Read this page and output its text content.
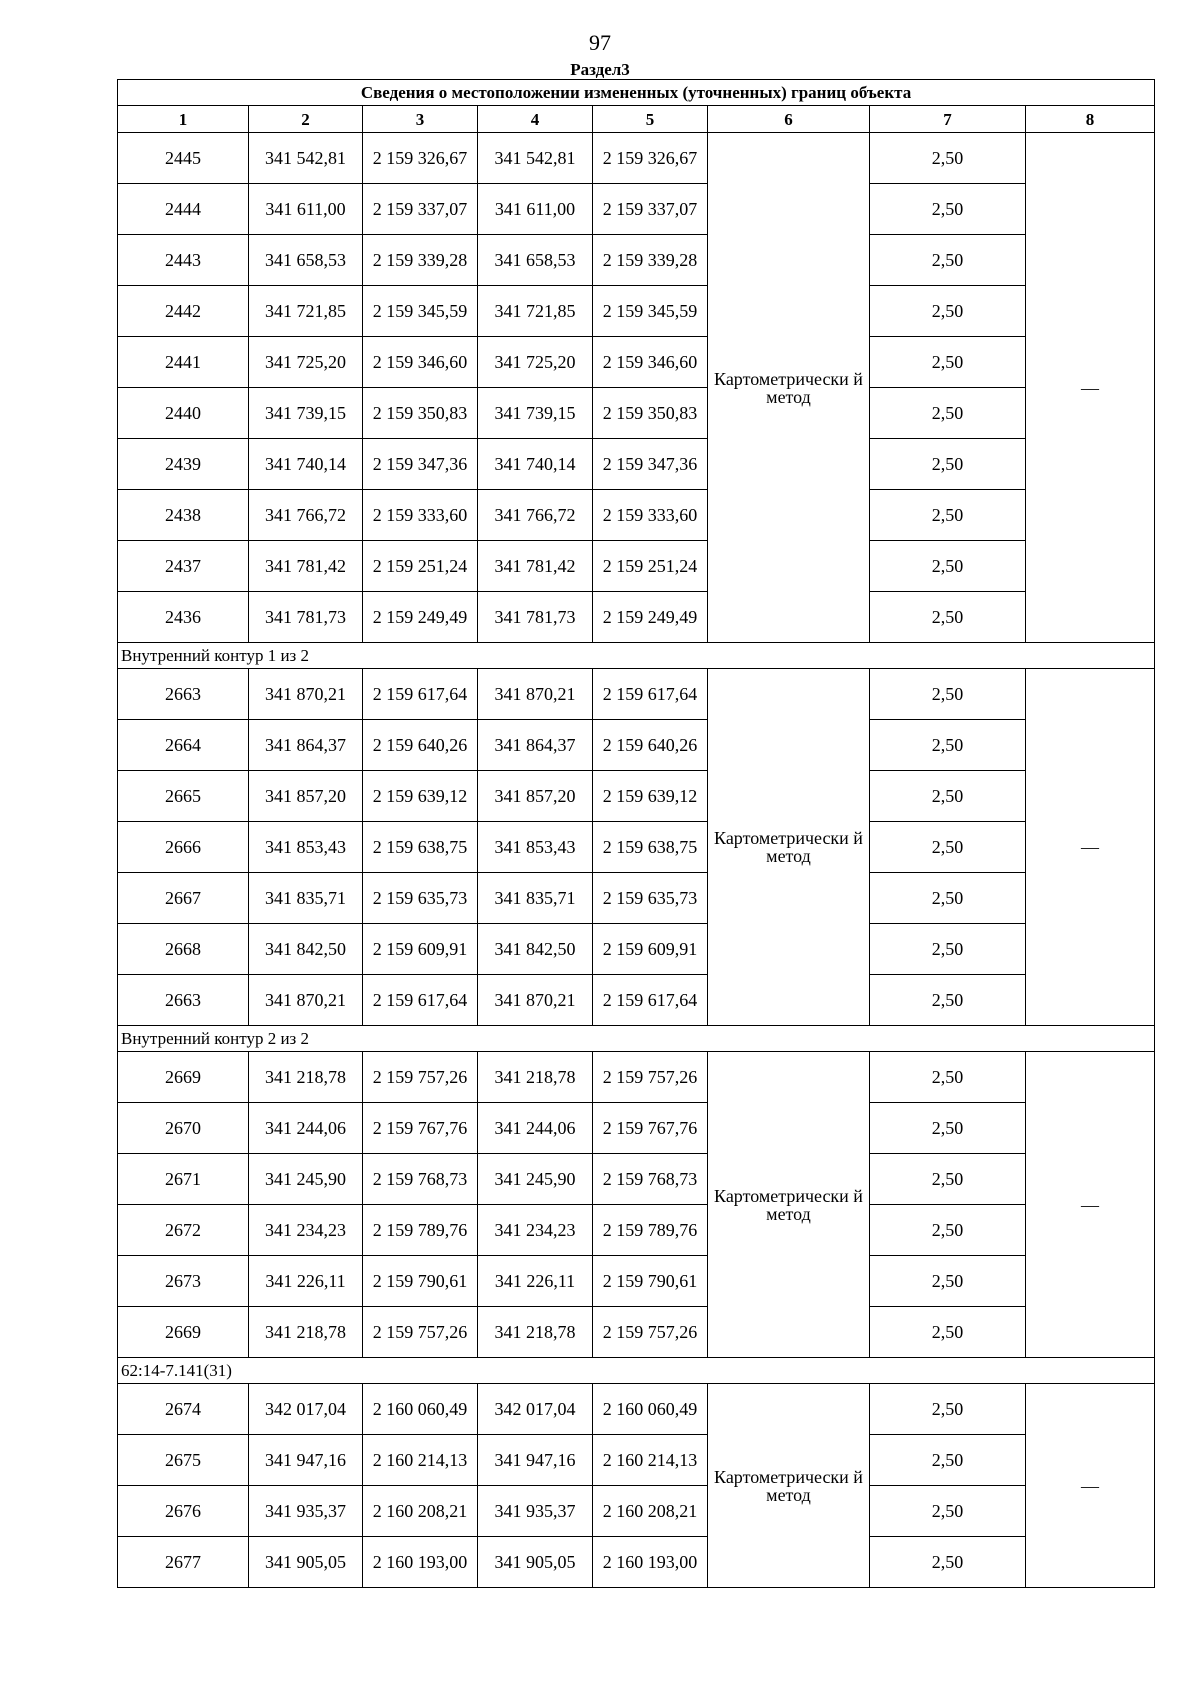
97
Раздел3
Сведения о местоположении измененных (уточненных) границ объекта							
1	2	3	4	5	6	7	8
2445	341 542,81	2 159 326,67	341 542,81	2 159 326,67	Картометрически й метод	2,50	—
2444	341 611,00	2 159 337,07	341 611,00	2 159 337,07		2,50	
2443	341 658,53	2 159 339,28	341 658,53	2 159 339,28		2,50	
2442	341 721,85	2 159 345,59	341 721,85	2 159 345,59		2,50	
2441	341 725,20	2 159 346,60	341 725,20	2 159 346,60		2,50	
2440	341 739,15	2 159 350,83	341 739,15	2 159 350,83		2,50	
2439	341 740,14	2 159 347,36	341 740,14	2 159 347,36		2,50	
2438	341 766,72	2 159 333,60	341 766,72	2 159 333,60		2,50	
2437	341 781,42	2 159 251,24	341 781,42	2 159 251,24		2,50	
2436	341 781,73	2 159 249,49	341 781,73	2 159 249,49		2,50	
Внутренний контур 1 из 2							
2663	341 870,21	2 159 617,64	341 870,21	2 159 617,64	Картометрически й метод	2,50	—
2664	341 864,37	2 159 640,26	341 864,37	2 159 640,26		2,50	
2665	341 857,20	2 159 639,12	341 857,20	2 159 639,12		2,50	
2666	341 853,43	2 159 638,75	341 853,43	2 159 638,75		2,50	
2667	341 835,71	2 159 635,73	341 835,71	2 159 635,73		2,50	
2668	341 842,50	2 159 609,91	341 842,50	2 159 609,91		2,50	
2663	341 870,21	2 159 617,64	341 870,21	2 159 617,64		2,50	
Внутренний контур 2 из 2							
2669	341 218,78	2 159 757,26	341 218,78	2 159 757,26	Картометрически й метод	2,50	—
2670	341 244,06	2 159 767,76	341 244,06	2 159 767,76		2,50	
2671	341 245,90	2 159 768,73	341 245,90	2 159 768,73		2,50	
2672	341 234,23	2 159 789,76	341 234,23	2 159 789,76		2,50	
2673	341 226,11	2 159 790,61	341 226,11	2 159 790,61		2,50	
2669	341 218,78	2 159 757,26	341 218,78	2 159 757,26		2,50	
62:14-7.141(31)							
2674	342 017,04	2 160 060,49	342 017,04	2 160 060,49	Картометрически й метод	2,50	—
2675	341 947,16	2 160 214,13	341 947,16	2 160 214,13		2,50	
2676	341 935,37	2 160 208,21	341 935,37	2 160 208,21		2,50	
2677	341 905,05	2 160 193,00	341 905,05	2 160 193,00		2,50	
